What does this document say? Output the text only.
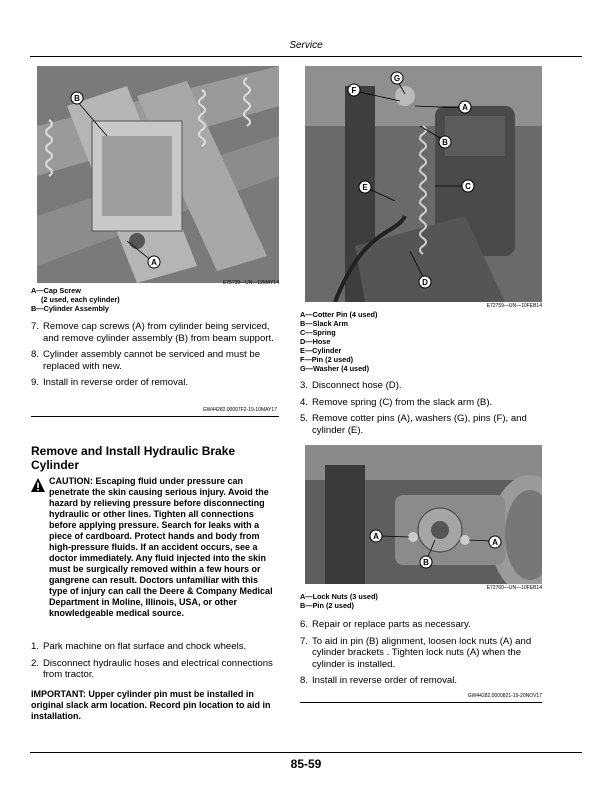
Service
B
A
E75739—UN—12MAY14
A—Cap Screw
(2 used, each cylinder)
B—Cylinder Assembly
7. Remove cap screws (A) from cylinder being serviced, and remove cylinder assembly (B) from beam support.
8. Cylinder assembly cannot be serviced and must be replaced with new.
9. Install in reverse order of removal.
GW44282,00007F2-19-10MAY17
Remove and Install Hydraulic Brake Cylinder
CAUTION: Escaping fluid under pressure can penetrate the skin causing serious injury. Avoid the hazard by relieving pressure before disconnecting hydraulic or other lines. Tighten all connections before applying pressure. Search for leaks with a piece of cardboard. Protect hands and body from high-pressure fluids. If an accident occurs, see a doctor immediately. Any fluid injected into the skin must be surgically removed within a few hours or gangrene can result. Doctors unfamiliar with this type of injury can call the Deere & Company Medical Department in Moline, Illinois, USA, or other knowledgeable medical source.
1. Park machine on flat surface and chock wheels.
2. Disconnect hydraulic hoses and electrical connections from tractor.
IMPORTANT: Upper cylinder pin must be installed in original slack arm location. Record pin location to aid in installation.
G
F
A
B
E	C
D
E72759—UN—10FEB14
A—Cotter Pin (4 used)
B—Slack Arm
C—Spring
D—Hose
E—Cylinder
F—Pin (2 used)
G—Washer (4 used)
3. Disconnect hose (D).
4. Remove spring (C) from the slack arm (B).
5. Remove cotter pins (A), washers (G), pins (F), and cylinder (E).
A
B
A
E72760—UN—10FEB14
A—Lock Nuts (3 used)
B—Pin (2 used)
6. Repair or replace parts as necessary.
7. To aid in pin (B) alignment, loosen lock nuts (A) and cylinder brackets . Tighten lock nuts (A) when the cylinder is installed.
8. Install in reverse order of removal.
GW44282,0000821-19-20NOV17
85-59
